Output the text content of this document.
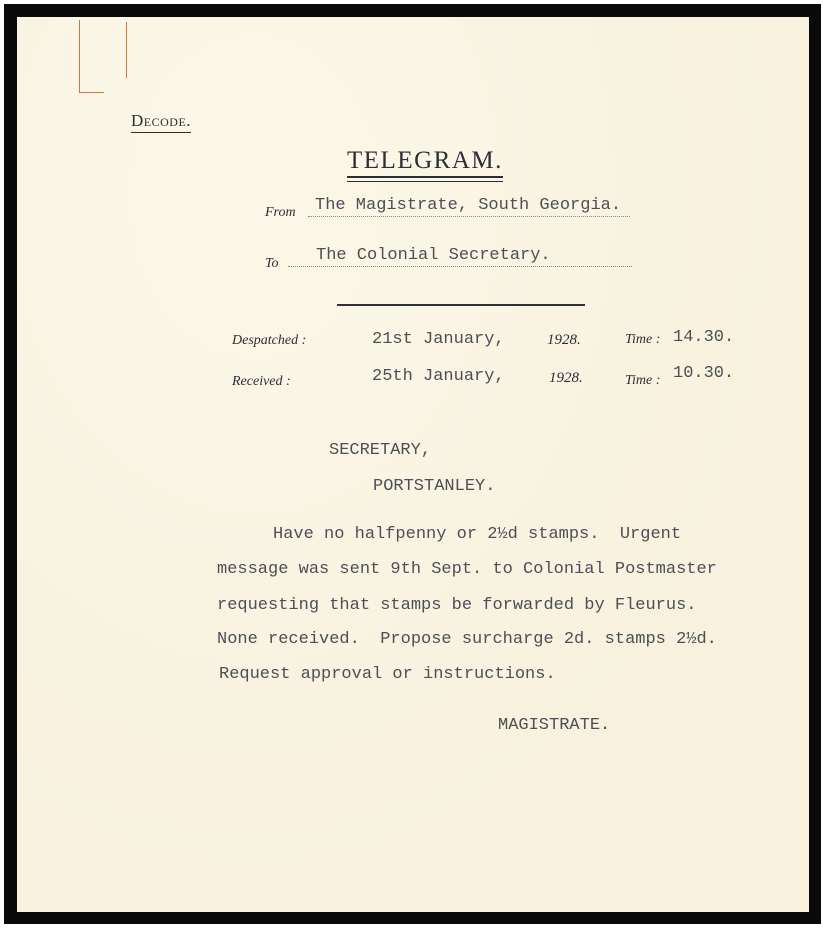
Decode.
TELEGRAM.
From The Magistrate, South Georgia.
To The Colonial Secretary.
Despatched :	21st January,	1928.	Time : 14.30.
Received :	25th January,	1928.	Time : 10.30.
SECRETARY,
PORTSTANLEY.
Have no halfpenny or 2½d stamps.  Urgent
message was sent 9th Sept. to Colonial Postmaster
requesting that stamps be forwarded by Fleurus.
None received.  Propose surcharge 2d. stamps 2½d.
Request approval or instructions.
MAGISTRATE.
